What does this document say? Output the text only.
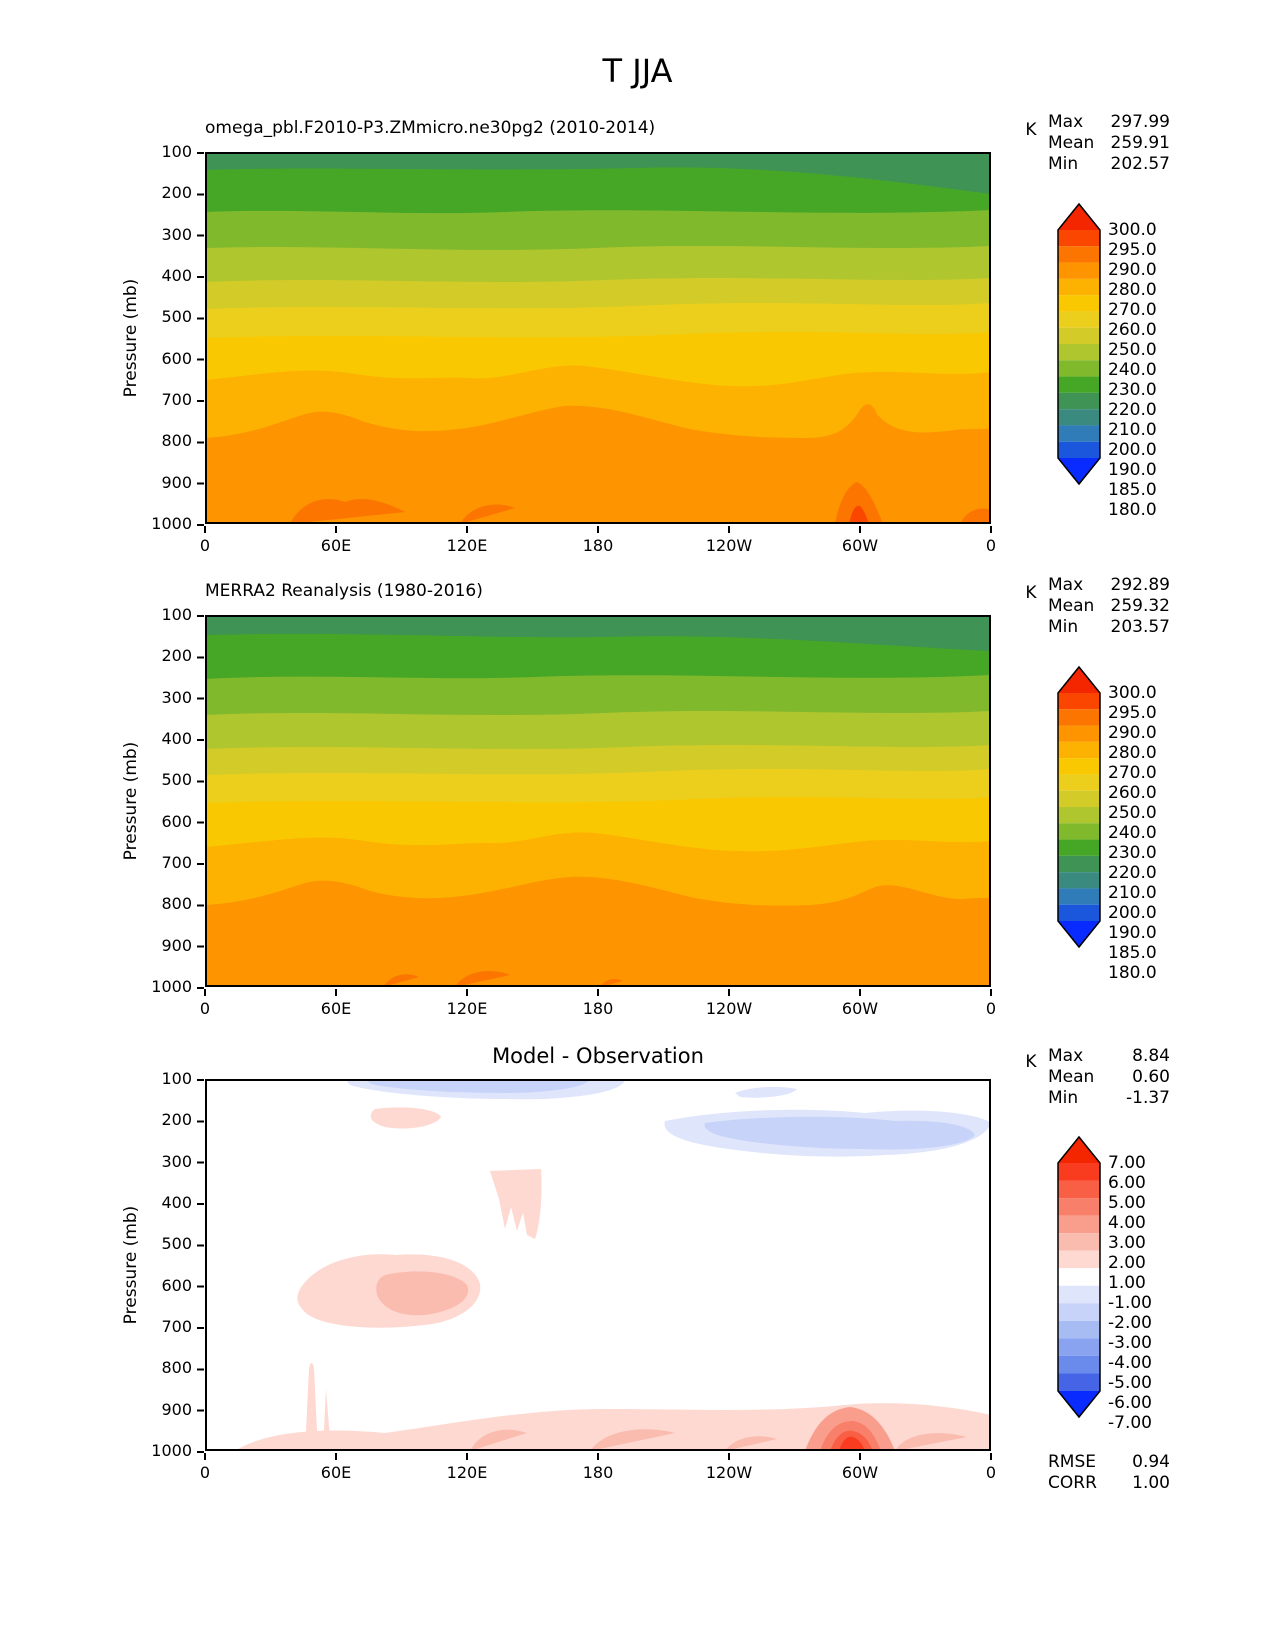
T JJA
omega_pbl.F2010-P3.ZMmicro.ne30pg2 (2010-2014)	K Max 297.99
Mean 259.91
Min 202.57
Pressure (mb)
100
200
300
400
500
600
700
800
900
1000
0	60E	120E	180	120W	60W	0
300.0
295.0
290.0
280.0
270.0
260.0
250.0
240.0
230.0
220.0
210.0
200.0
190.0
185.0
180.0
MERRA2 Reanalysis (1980-2016)	K Max 292.89
Mean 259.32
Min 203.57
Pressure (mb)
100
200
300
400
500
600
700
800
900
1000
0	60E	120E	180	120W	60W	0
300.0
295.0
290.0
280.0
270.0
260.0
250.0
240.0
230.0
220.0
210.0
200.0
190.0
185.0
180.0
Model - Observation	K Max	8.84
Mean 0.60
Min	-1.37
Pressure (mb)
100
200
300
400
500
600
700
800
900
1000
0	60E	120E	180	120W	60W	0
7.00
6.00
5.00
4.00
3.00
2.00
1.00
-1.00
-2.00
-3.00
-4.00
-5.00
-6.00
-7.00
RMSE 0.94
CORR 1.00
